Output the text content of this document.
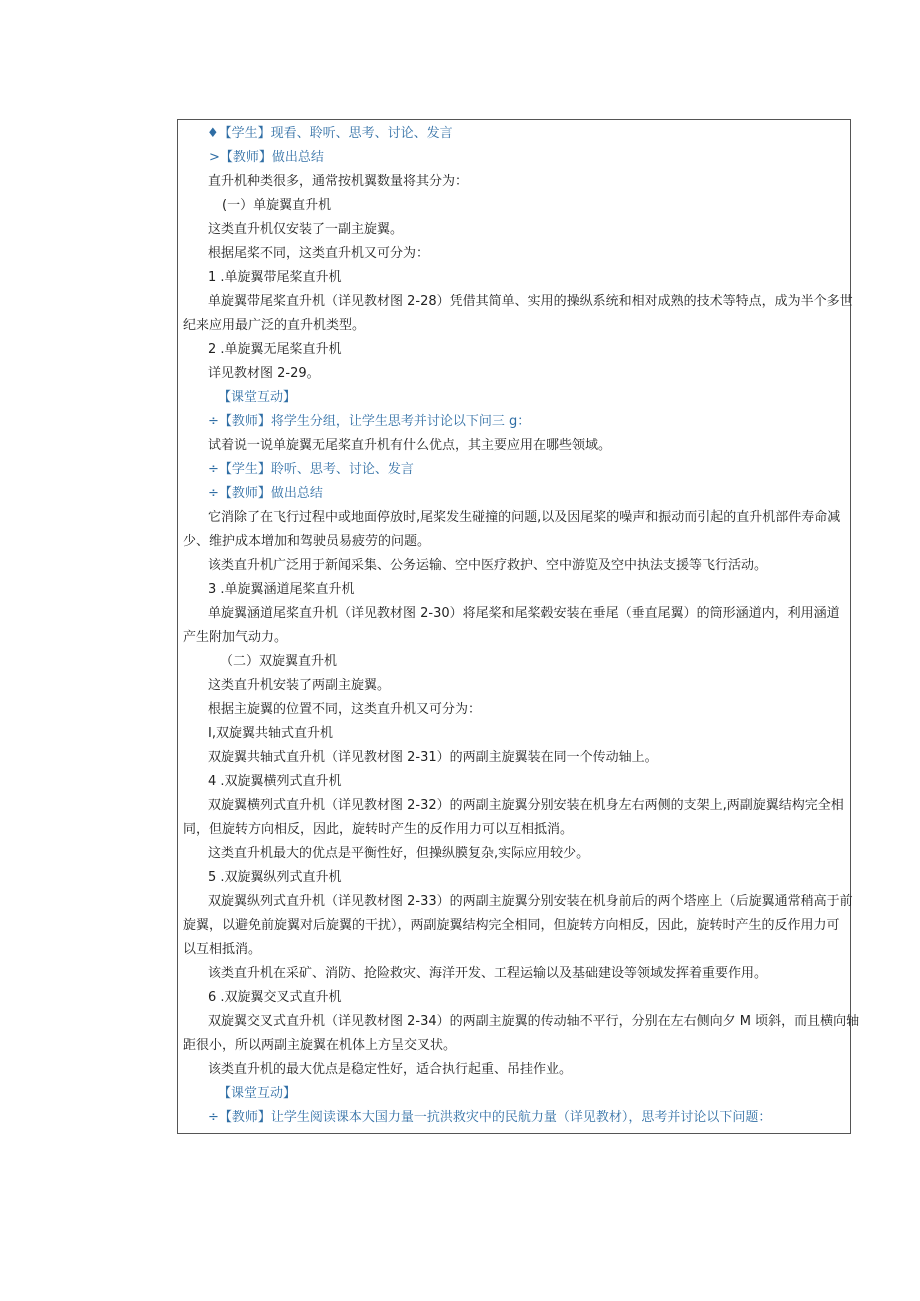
♦【学生】现看、聆听、思考、讨论、发言
>【教师】做出总结
直升机种类很多，通常按机翼数量将其分为：
(一）单旋翼直升机
这类直升机仅安装了一副主旋翼。
根据尾桨不同，这类直升机又可分为：
1 .单旋翼带尾桨直升机
单旋翼带尾桨直升机（详见教材图 2-28）凭借其简单、实用的操纵系统和相对成熟的技术等特点，成为半个多世
纪来应用最广泛的直升机类型。
2 .单旋翼无尾桨直升机
详见教材图 2-29。
【课堂互动】
÷【教师】将学生分组，让学生思考并讨论以下问三 g：
试着说一说单旋翼无尾桨直升机有什么优点，其主要应用在哪些领域。
÷【学生】聆听、思考、讨论、发言
÷【教师】做出总结
它消除了在飞行过程中或地面停放时,尾桨发生碰撞的问题,以及因尾桨的噪声和振动而引起的直升机部件寿命减
少、维护成本增加和驾驶员易疲劳的问题。
该类直升机广泛用于新闻采集、公务运输、空中医疗救护、空中游览及空中执法支援等飞行活动。
3 .单旋翼涵道尾桨直升机
单旋翼涵道尾桨直升机（详见教材图 2-30）将尾桨和尾桨毂安装在垂尾（垂直尾翼）的筒形涵道内，利用涵道
产生附加气动力。
（二）双旋翼直升机
这类直升机安装了两副主旋翼。
根据主旋翼的位置不同，这类直升机又可分为：
I,双旋翼共轴式直升机
双旋翼共轴式直升机（详见教材图 2-31）的两副主旋翼装在同一个传动轴上。
4 .双旋翼横列式直升机
双旋翼横列式直升机（详见教材图 2-32）的两副主旋翼分别安装在机身左右两侧的支架上,两副旋翼结构完全相
同，但旋转方向相反，因此，旋转时产生的反作用力可以互相抵消。
这类直升机最大的优点是平衡性好，但操纵膜复杂,实际应用较少。
5 .双旋翼纵列式直升机
双旋翼纵列式直升机（详见教材图 2-33）的两副主旋翼分别安装在机身前后的两个塔座上（后旋翼通常稍高于前
旋翼，以避免前旋翼对后旋翼的干扰），两副旋翼结构完全相同，但旋转方向相反，因此，旋转时产生的反作用力可
以互相抵消。
该类直升机在采矿、消防、抢险救灾、海洋开发、工程运输以及基础建设等领域发挥着重要作用。
6 .双旋翼交叉式直升机
双旋翼交叉式直升机（详见教材图 2-34）的两副主旋翼的传动轴不平行，分别在左右侧向夕 M 顷斜，而且横向轴
距很小，所以两副主旋翼在机体上方呈交叉状。
该类直升机的最大优点是稳定性好，适合执行起重、吊挂作业。
【课堂互动】
÷【教师】让学生阅读课本大国力量一抗洪救灾中的民航力量（详见教材），思考并讨论以下问题：
